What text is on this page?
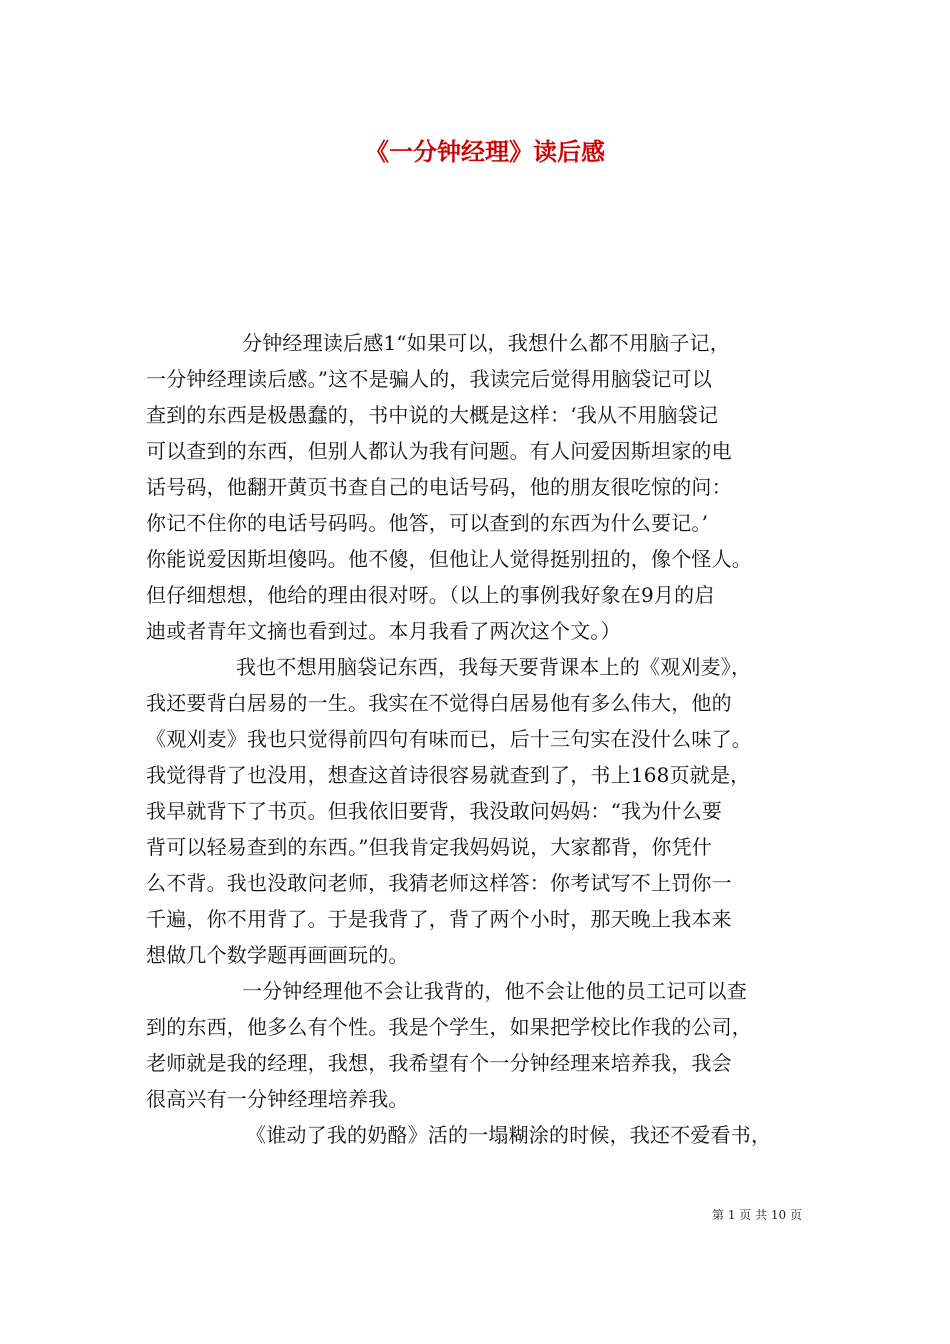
《一分钟经理》读后感
分钟经理读后感1“如果可以，我想什么都不用脑子记，
一分钟经理读后感。”这不是骗人的，我读完后觉得用脑袋记可以
查到的东西是极愚蠢的，书中说的大概是这样：‘我从不用脑袋记
可以查到的东西，但别人都认为我有问题。有人问爱因斯坦家的电
话号码，他翻开黄页书查自己的电话号码，他的朋友很吃惊的问：
你记不住你的电话号码吗。他答，可以查到的东西为什么要记。’
你能说爱因斯坦傻吗。他不傻，但他让人觉得挺别扭的，像个怪人。
但仔细想想，他给的理由很对呀。（以上的事例我好象在9月的启
迪或者青年文摘也看到过。本月我看了两次这个文。）
我也不想用脑袋记东西，我每天要背课本上的《观刈麦》，
我还要背白居易的一生。我实在不觉得白居易他有多么伟大，他的
《观刈麦》我也只觉得前四句有味而已，后十三句实在没什么味了。
我觉得背了也没用，想查这首诗很容易就查到了，书上168页就是，
我早就背下了书页。但我依旧要背，我没敢问妈妈：“我为什么要
背可以轻易查到的东西。”但我肯定我妈妈说，大家都背，你凭什
么不背。我也没敢问老师，我猜老师这样答：你考试写不上罚你一
千遍，你不用背了。于是我背了，背了两个小时，那天晚上我本来
想做几个数学题再画画玩的。
一分钟经理他不会让我背的，他不会让他的员工记可以查
到的东西，他多么有个性。我是个学生，如果把学校比作我的公司，
老师就是我的经理，我想，我希望有个一分钟经理来培养我，我会
很高兴有一分钟经理培养我。
《谁动了我的奶酪》活的一塌糊涂的时候，我还不爱看书，
第 1 页 共 10 页
